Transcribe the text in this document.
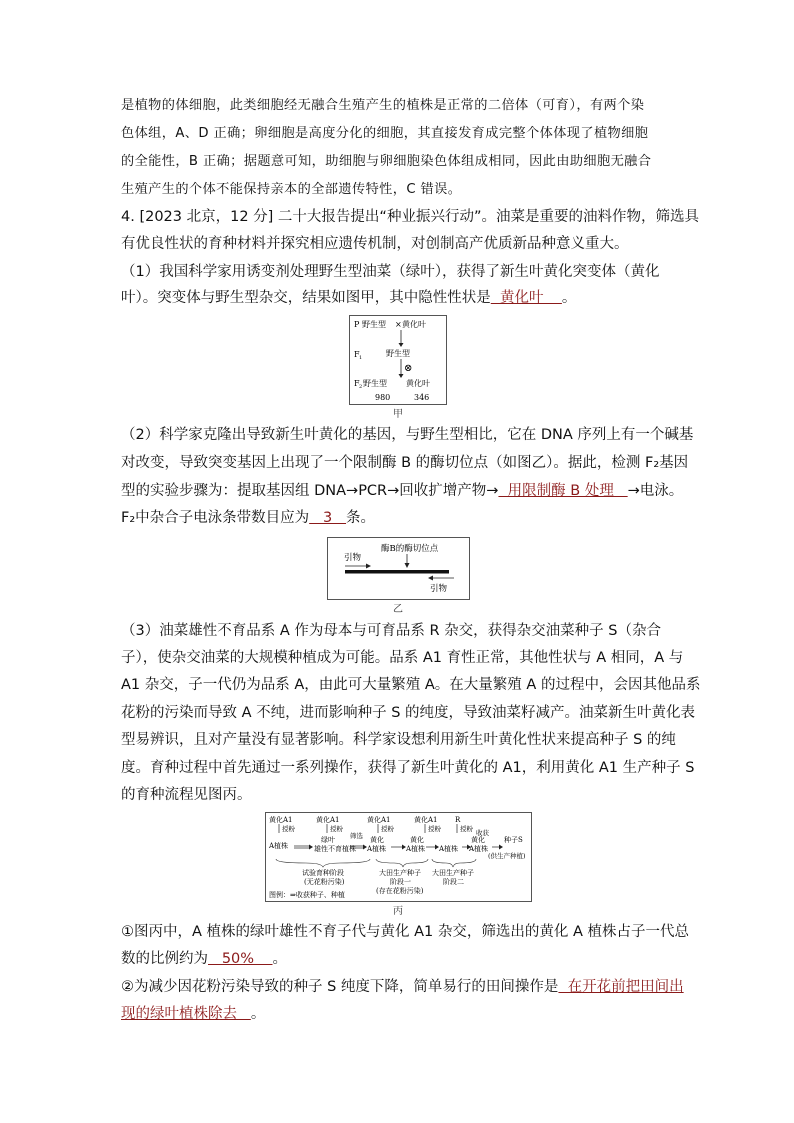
是植物的体细胞，此类细胞经无融合生殖产生的植株是正常的二倍体（可育），有两个染
色体组，A、D 正确；卵细胞是高度分化的细胞，其直接发育成完整个体体现了植物细胞
的全能性，B 正确；据题意可知，助细胞与卵细胞染色体组成相同，因此由助细胞无融合
生殖产生的个体不能保持亲本的全部遗传特性，C 错误。
4. [2023 北京，12 分] 二十大报告提出“种业振兴行动”。油菜是重要的油料作物，筛选具
有优良性状的育种材料并探究相应遗传机制，对创制高产优质新品种意义重大。
（1）我国科学家用诱变剂处理野生型油菜（绿叶），获得了新生叶黄化突变体（黄化
叶）。突变体与野生型杂交，结果如图甲，其中隐性性状是  黄化叶    。
P 野生型 × 黄化叶
F 1	野生型
⊗
F 2 野生型 黄化叶
980	346
甲
（2）科学家克隆出导致新生叶黄化的基因，与野生型相比，它在 DNA 序列上有一个碱基
对改变，导致突变基因上出现了一个限制酶 B 的酶切位点（如图乙）。据此，检测 F₂基因
型的实验步骤为：提取基因组 DNA→PCR→回收扩增产物→  用限制酶 B 处理   →电泳。
F₂中杂合子电泳条带数目应为   3   条。
酶B的酶切位点
引物
引物
乙
（3）油菜雄性不育品系 A 作为母本与可育品系 R 杂交，获得杂交油菜种子 S（杂合
子），使杂交油菜的大规模种植成为可能。品系 A1 育性正常，其他性状与 A 相同，A 与
A1 杂交，子一代仍为品系 A，由此可大量繁殖 A。在大量繁殖 A 的过程中，会因其他品系
花粉的污染而导致 A 不纯，进而影响种子 S 的纯度，导致油菜籽减产。油菜新生叶黄化表
型易辨识，且对产量没有显著影响。科学家设想利用新生叶黄化性状来提高种子 S 的纯
度。育种过程中首先通过一系列操作，获得了新生叶黄化的 A1，利用黄化 A1 生产种子 S
的育种流程见图丙。
黄化A1	黄化A1	黄化A1	黄化A1 R
授粉	授粉	授粉	授粉	授粉
A植株
绿叶
雄性不育植株
筛选 黄化
A植株
黄化
A植株 A植株
黄化
A植株
收获
种子S
(供生产种植)
试验育种阶段
(无花粉污染)
大田生产种子
阶段一
(存在花粉污染)
大田生产种子
阶段二
图例： ⇒收获种子、种植
丙
①图丙中，A 植株的绿叶雄性不育子代与黄化 A1 杂交，筛选出的黄化 A 植株占子一代总
数的比例约为   50%    。
②为减少因花粉污染导致的种子 S 纯度下降，简单易行的田间操作是  在开花前把田间出
现的绿叶植株除去   。
